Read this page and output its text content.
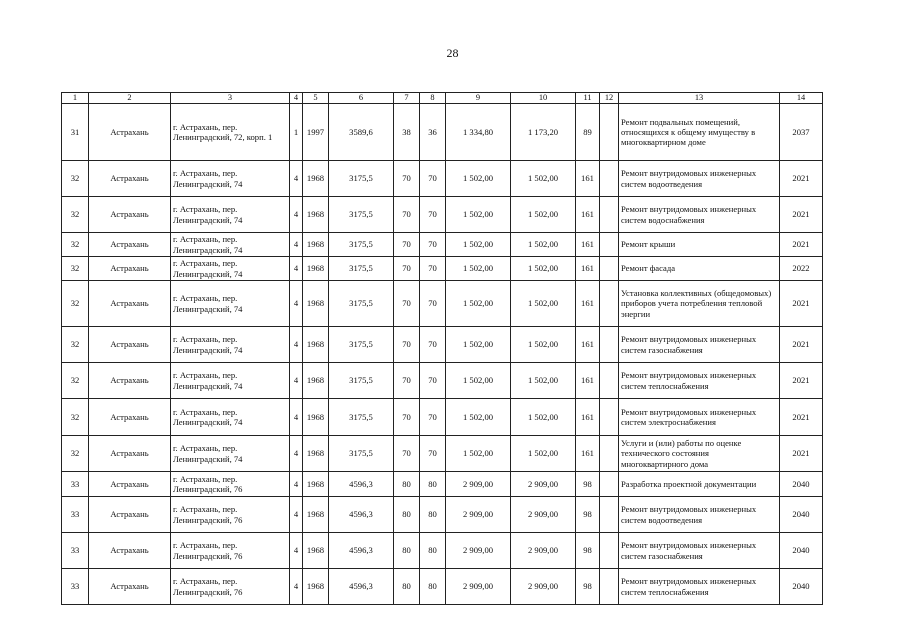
28
1	2	3	4	5	6	7	8	9	10	11	12	13	14
31	Астрахань	г. Астрахань, пер. Ленинградский, 72, корп. 1	1	1997	3589,6	38	36	1 334,80	1 173,20	89		Ремонт подвальных помещений, относящихся к общему имуществу в многоквартирном доме	2037
32	Астрахань	г. Астрахань, пер. Ленинградский, 74	4	1968	3175,5	70	70	1 502,00	1 502,00	161		Ремонт внутридомовых инженерных систем водоотведения	2021
32	Астрахань	г. Астрахань, пер. Ленинградский, 74	4	1968	3175,5	70	70	1 502,00	1 502,00	161		Ремонт внутридомовых инженерных систем водоснабжения	2021
32	Астрахань	г. Астрахань, пер. Ленинградский, 74	4	1968	3175,5	70	70	1 502,00	1 502,00	161		Ремонт крыши	2021
32	Астрахань	г. Астрахань, пер. Ленинградский, 74	4	1968	3175,5	70	70	1 502,00	1 502,00	161		Ремонт фасада	2022
32	Астрахань	г. Астрахань, пер. Ленинградский, 74	4	1968	3175,5	70	70	1 502,00	1 502,00	161		Установка коллективных (общедомовых) приборов учета потребления тепловой энергии	2021
32	Астрахань	г. Астрахань, пер. Ленинградский, 74	4	1968	3175,5	70	70	1 502,00	1 502,00	161		Ремонт внутридомовых инженерных систем газоснабжения	2021
32	Астрахань	г. Астрахань, пер. Ленинградский, 74	4	1968	3175,5	70	70	1 502,00	1 502,00	161		Ремонт внутридомовых инженерных систем теплоснабжения	2021
32	Астрахань	г. Астрахань, пер. Ленинградский, 74	4	1968	3175,5	70	70	1 502,00	1 502,00	161		Ремонт внутридомовых инженерных систем электроснабжения	2021
32	Астрахань	г. Астрахань, пер. Ленинградский, 74	4	1968	3175,5	70	70	1 502,00	1 502,00	161		Услуги и (или) работы по оценке технического состояния многоквартирного дома	2021
33	Астрахань	г. Астрахань, пер. Ленинградский, 76	4	1968	4596,3	80	80	2 909,00	2 909,00	98		Разработка проектной документации	2040
33	Астрахань	г. Астрахань, пер. Ленинградский, 76	4	1968	4596,3	80	80	2 909,00	2 909,00	98		Ремонт внутридомовых инженерных систем водоотведения	2040
33	Астрахань	г. Астрахань, пер. Ленинградский, 76	4	1968	4596,3	80	80	2 909,00	2 909,00	98		Ремонт внутридомовых инженерных систем газоснабжения	2040
33	Астрахань	г. Астрахань, пер. Ленинградский, 76	4	1968	4596,3	80	80	2 909,00	2 909,00	98		Ремонт внутридомовых инженерных систем теплоснабжения	2040
